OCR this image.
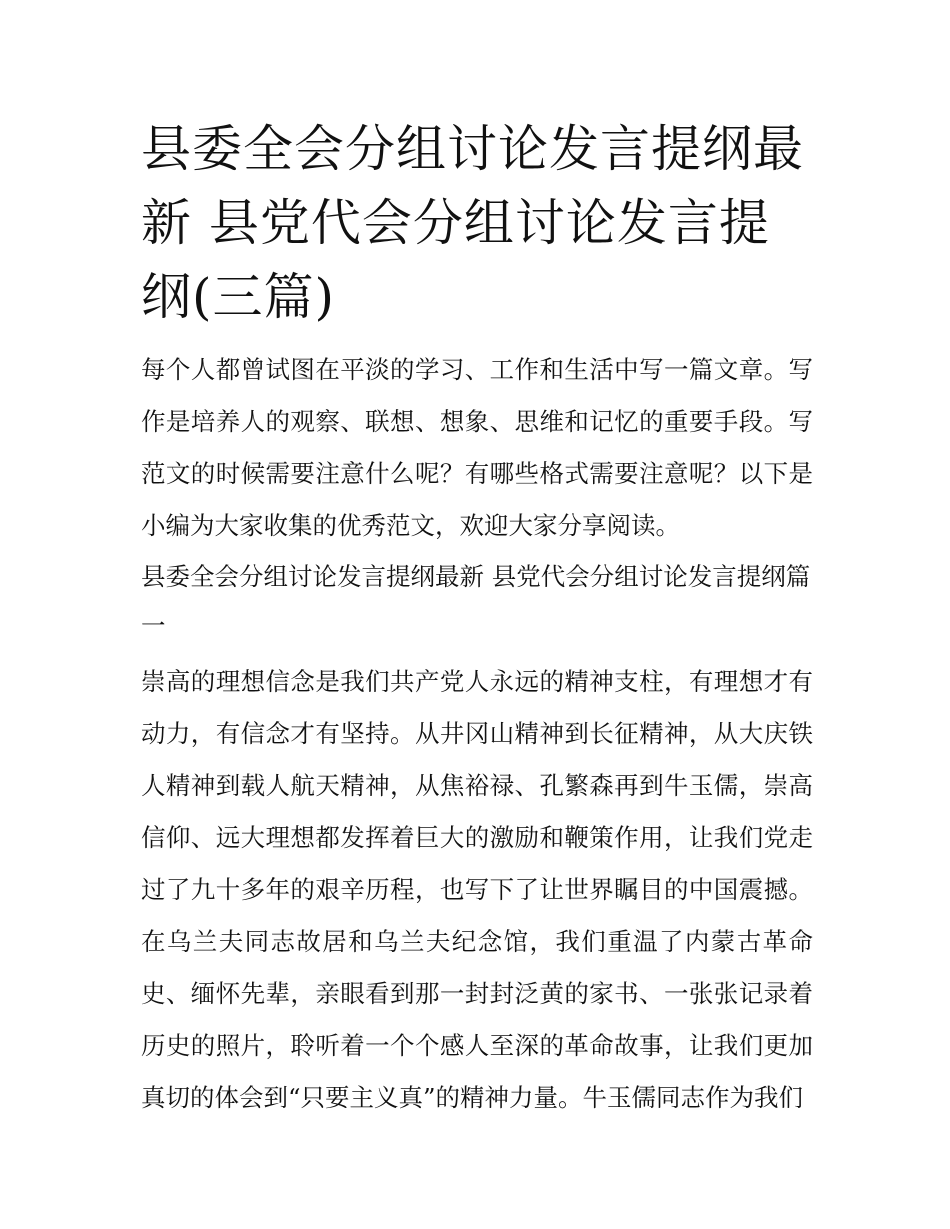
县委全会分组讨论发言提纲最新 县党代会分组讨论发言提纲(三篇)

每个人都曾试图在平淡的学习、工作和生活中写一篇文章。写作是培养人的观察、联想、想象、思维和记忆的重要手段。写范文的时候需要注意什么呢？有哪些格式需要注意呢？以下是小编为大家收集的优秀范文，欢迎大家分享阅读。

县委全会分组讨论发言提纲最新 县党代会分组讨论发言提纲篇一

崇高的理想信念是我们共产党人永远的精神支柱，有理想才有动力，有信念才有坚持。从井冈山精神到长征精神，从大庆铁人精神到载人航天精神，从焦裕禄、孔繁森再到牛玉儒，崇高信仰、远大理想都发挥着巨大的激励和鞭策作用，让我们党走过了九十多年的艰辛历程，也写下了让世界瞩目的中国震撼。在乌兰夫同志故居和乌兰夫纪念馆，我们重温了内蒙古革命史、缅怀先辈，亲眼看到那一封封泛黄的家书、一张张记录着历史的照片，聆听着一个个感人至深的革命故事，让我们更加真切的体会到“只要主义真”的精神力量。牛玉儒同志作为我们
